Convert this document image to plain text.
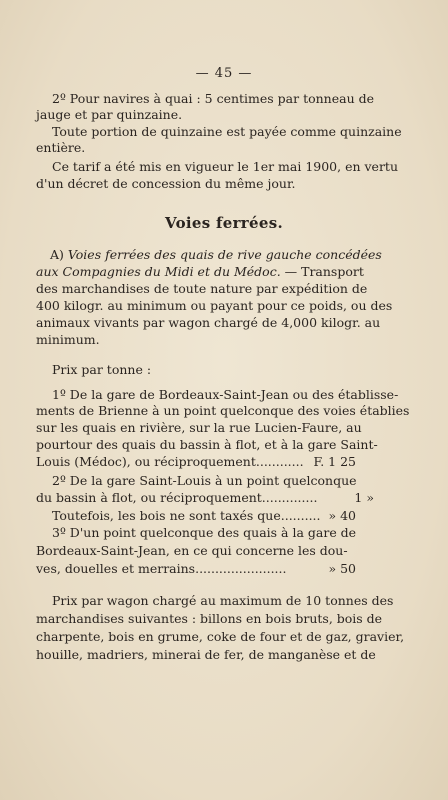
— 45 —
2º Pour navires à quai : 5 centimes par tonneau de
jauge et par quinzaine.
Toute portion de quinzaine est payée comme quinzaine
entière.
Ce tarif a été mis en vigueur le 1er mai 1900, en vertu
d'un décret de concession du même jour.
Voies ferrées.
A) Voies ferrées des quais de rive gauche concédées
aux Compagnies du Midi et du Médoc. — Transport
des marchandises de toute nature par expédition de
400 kilogr. au minimum ou payant pour ce poids, ou des
animaux vivants par wagon chargé de 4,000 kilogr. au
minimum.
Prix par tonne :
1º De la gare de Bordeaux-Saint-Jean ou des établisse-
ments de Brienne à un point quelconque des voies établies
sur les quais en rivière, sur la rue Lucien-Faure, au
pourtour des quais du bassin à flot, et à la gare Saint-
Louis (Médoc), ou réciproquement ............ F. 1 25
2º De la gare Saint-Louis à un point quelconque
du bassin à flot, ou réciproquement ..............	1 »
Toutefois, les bois ne sont taxés que .......... » 40
3º D'un point quelconque des quais à la gare de
Bordeaux-Saint-Jean, en ce qui concerne les dou-
ves, douelles et merrains .......................	» 50
Prix par wagon chargé au maximum de 10 tonnes des
marchandises suivantes : billons en bois bruts, bois de
charpente, bois en grume, coke de four et de gaz, gravier,
houille, madriers, minerai de fer, de manganèse et de
